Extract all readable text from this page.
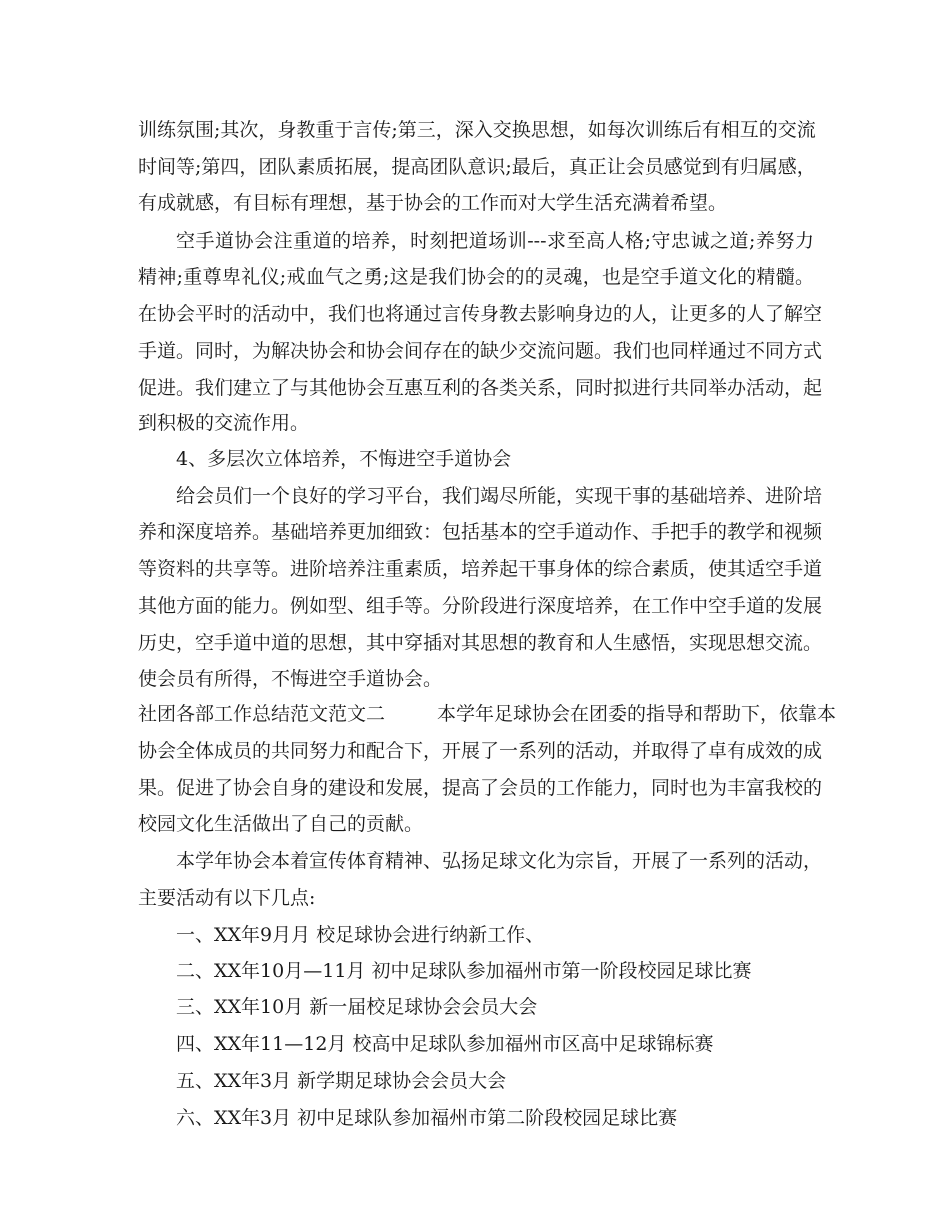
训练氛围;其次，身教重于言传;第三，深入交换思想，如每次训练后有相互的交流
时间等;第四，团队素质拓展，提高团队意识;最后，真正让会员感觉到有归属感，
有成就感，有目标有理想，基于协会的工作而对大学生活充满着希望。
空手道协会注重道的培养，时刻把道场训---求至高人格;守忠诚之道;养努力
精神;重尊卑礼仪;戒血气之勇;这是我们协会的的灵魂，也是空手道文化的精髓。
在协会平时的活动中，我们也将通过言传身教去影响身边的人，让更多的人了解空
手道。同时，为解决协会和协会间存在的缺少交流问题。我们也同样通过不同方式
促进。我们建立了与其他协会互惠互利的各类关系，同时拟进行共同举办活动，起
到积极的交流作用。
4、多层次立体培养，不悔进空手道协会
给会员们一个良好的学习平台，我们竭尽所能，实现干事的基础培养、进阶培
养和深度培养。基础培养更加细致：包括基本的空手道动作、手把手的教学和视频
等资料的共享等。进阶培养注重素质，培养起干事身体的综合素质，使其适空手道
其他方面的能力。例如型、组手等。分阶段进行深度培养，在工作中空手道的发展
历史，空手道中道的思想，其中穿插对其思想的教育和人生感悟，实现思想交流。
使会员有所得，不悔进空手道协会。
社团各部工作总结范文范文二	本学年足球协会在团委的指导和帮助下，依靠本
协会全体成员的共同努力和配合下，开展了一系列的活动，并取得了卓有成效的成
果。促进了协会自身的建设和发展，提高了会员的工作能力，同时也为丰富我校的
校园文化生活做出了自己的贡献。
本学年协会本着宣传体育精神、弘扬足球文化为宗旨，开展了一系列的活动，
主要活动有以下几点:
一、XX年9月月 校足球协会进行纳新工作、
二、XX年10月—11月 初中足球队参加福州市第一阶段校园足球比赛
三、XX年10月 新一届校足球协会会员大会
四、XX年11—12月 校高中足球队参加福州市区高中足球锦标赛
五、XX年3月 新学期足球协会会员大会
六、XX年3月 初中足球队参加福州市第二阶段校园足球比赛
